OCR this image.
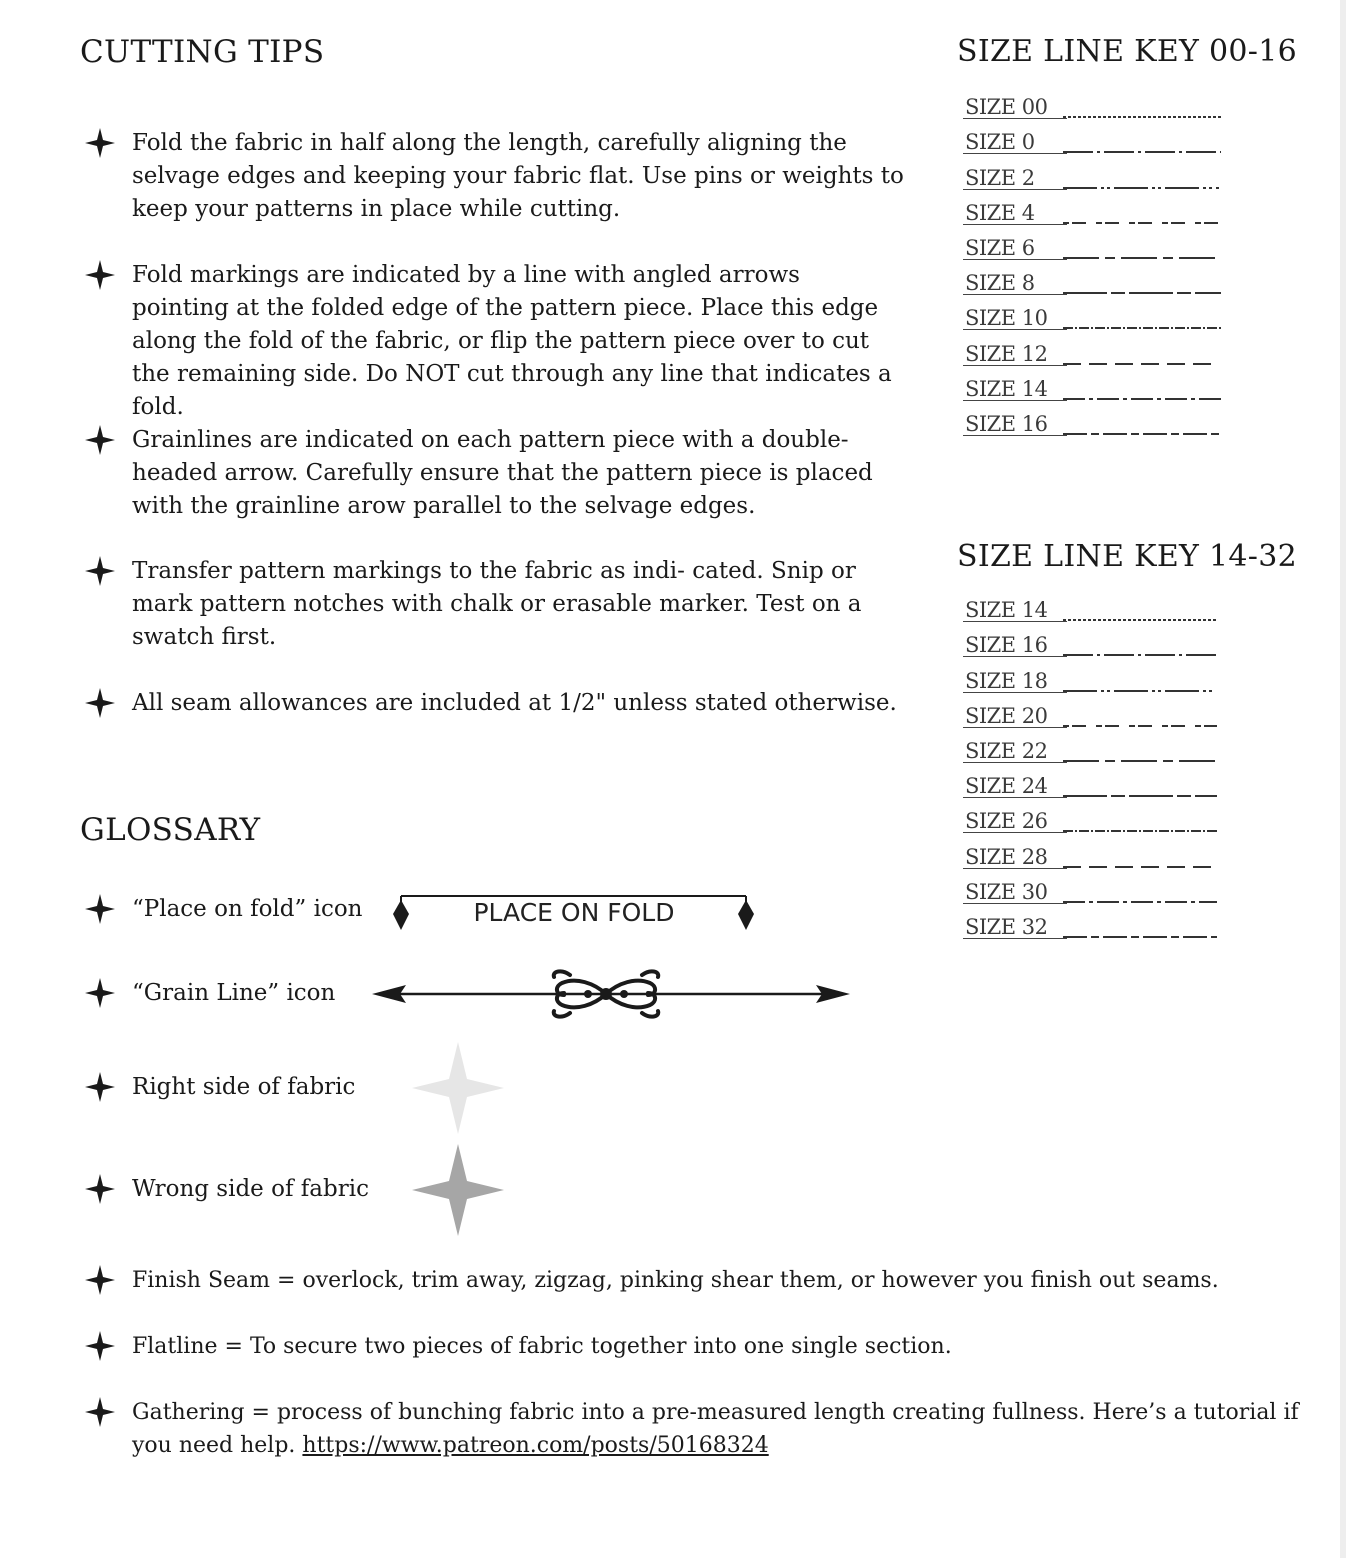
CUTTING TIPS
Fold the fabric in half along the length, carefully aligning the selvage edges and keeping your fabric flat. Use pins or weights to keep your patterns in place while cutting.
Fold markings are indicated by a line with angled arrows pointing at the folded edge of the pattern piece. Place this edge along the fold of the fabric, or flip the pattern piece over to cut the remaining side. Do NOT cut through any line that indicates a fold.
Grainlines are indicated on each pattern piece with a double-headed arrow. Carefully ensure that the pattern piece is placed with the grainline arow parallel to the selvage edges.
Transfer pattern markings to the fabric as indi- cated. Snip or mark pattern notches with chalk or erasable marker. Test on a swatch first.
All seam allowances are included at 1/2" unless stated otherwise.
SIZE LINE KEY 00-16
SIZE 00
SIZE 0
SIZE 2
SIZE 4
SIZE 6
SIZE 8
SIZE 10
SIZE 12
SIZE 14
SIZE 16
SIZE LINE KEY 14-32
SIZE 14
SIZE 16
SIZE 18
SIZE 20
SIZE 22
SIZE 24
SIZE 26
SIZE 28
SIZE 30
SIZE 32
GLOSSARY
“Place on fold” icon	PLACE ON FOLD
“Grain Line” icon
Right side of fabric
Wrong side of fabric
Finish Seam = overlock, trim away, zigzag, pinking shear them, or however you finish out seams.
Flatline = To secure two pieces of fabric together into one single section.
Gathering = process of bunching fabric into a pre-measured length creating fullness. Here’s a tutorial if you need help. https://www.patreon.com/posts/50168324
